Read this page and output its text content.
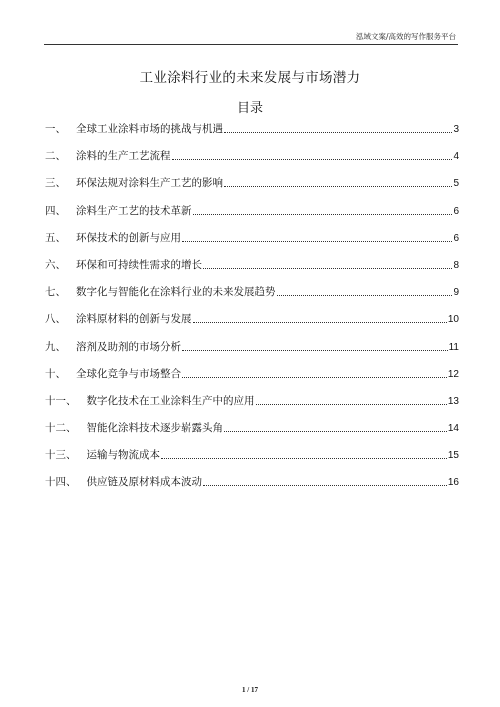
泓域文案/高效的写作服务平台
工业涂料行业的未来发展与市场潜力
目录
一、 全球工业涂料市场的挑战与机遇	3
二、 涂料的生产工艺流程	4
三、 环保法规对涂料生产工艺的影响	5
四、 涂料生产工艺的技术革新	6
五、 环保技术的创新与应用	6
六、 环保和可持续性需求的增长	8
七、 数字化与智能化在涂料行业的未来发展趋势	9
八、 涂料原材料的创新与发展	10
九、 溶剂及助剂的市场分析	11
十、 全球化竞争与市场整合	12
十一、 数字化技术在工业涂料生产中的应用	13
十二、 智能化涂料技术逐步崭露头角	14
十三、 运输与物流成本	15
十四、 供应链及原材料成本波动	16
1 / 17
